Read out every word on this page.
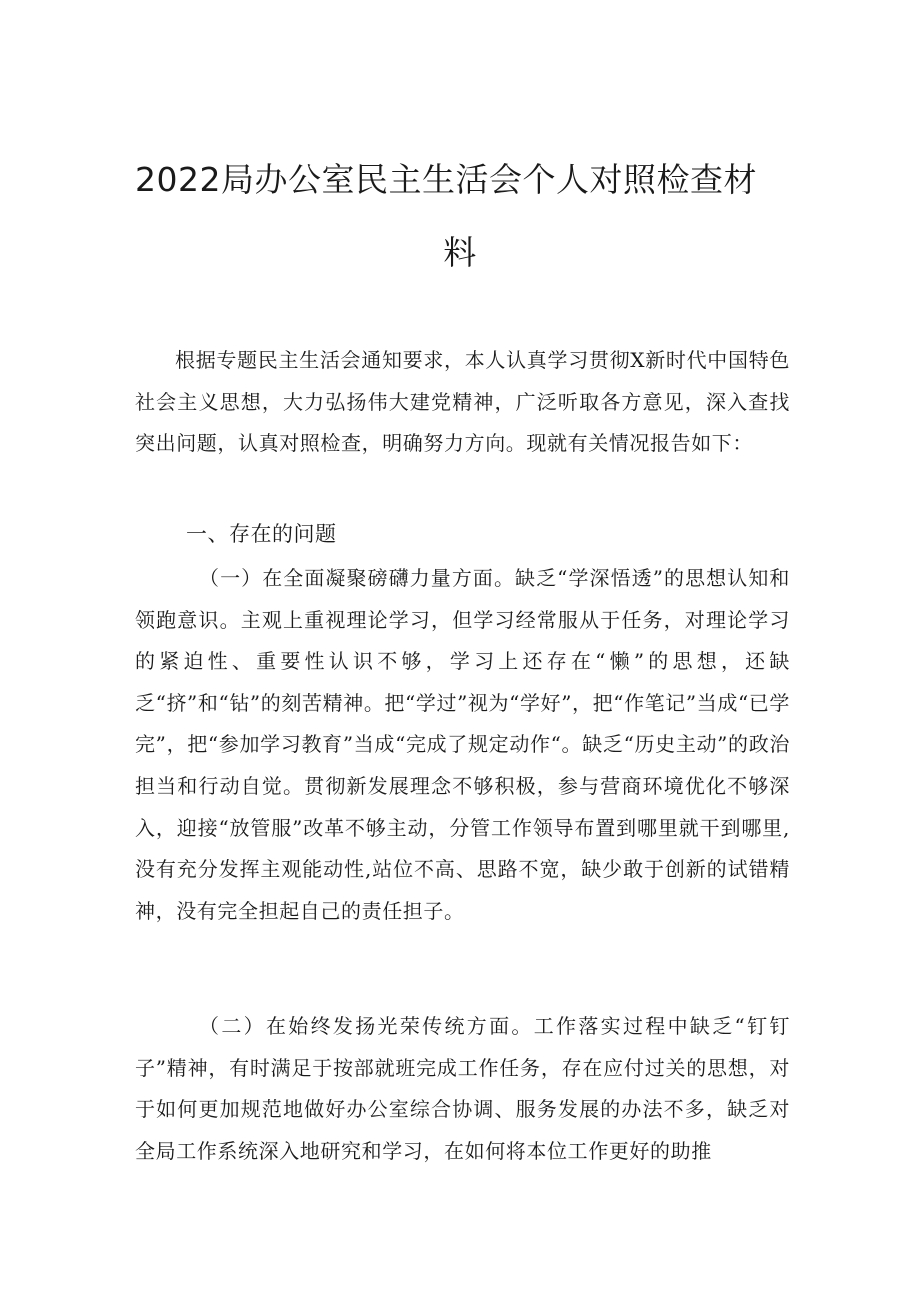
2022局办公室民主生活会个人对照检查材
料

根据专题民主生活会通知要求，本人认真学习贯彻X新时代中国特色社会主义思想，大力弘扬伟大建党精神，广泛听取各方意见，深入查找突出问题，认真对照检查，明确努力方向。现就有关情况报告如下：

一、存在的问题

（一）在全面凝聚磅礴力量方面。缺乏“学深悟透”的思想认知和领跑意识。主观上重视理论学习，但学习经常服从于任务，对理论学习的紧迫性、重要性认识不够，学习上还存在“懒”的思想，还缺乏“挤”和“钻”的刻苦精神。把“学过”视为“学好”，把“作笔记”当成“已学完”，把“参加学习教育”当成“完成了规定动作“。缺乏“历史主动”的政治担当和行动自觉。贯彻新发展理念不够积极，参与营商环境优化不够深入，迎接“放管服”改革不够主动，分管工作领导布置到哪里就干到哪里,没有充分发挥主观能动性,站位不高、思路不宽，缺少敢于创新的试错精神，没有完全担起自己的责任担子。

（二）在始终发扬光荣传统方面。工作落实过程中缺乏“钉钉子”精神，有时满足于按部就班完成工作任务，存在应付过关的思想，对于如何更加规范地做好办公室综合协调、服务发展的办法不多，缺乏对全局工作系统深入地研究和学习，在如何将本位工作更好的助推
